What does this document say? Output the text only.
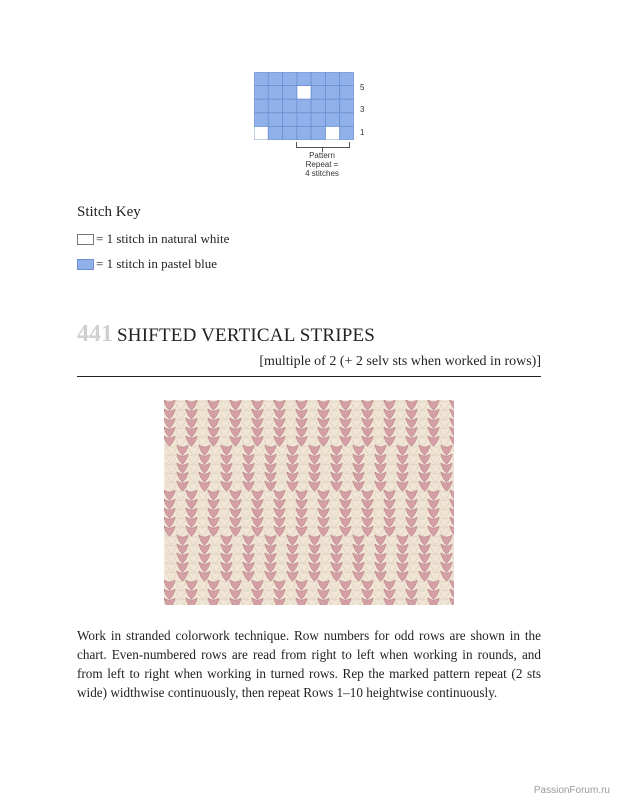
5
3
1
Pattern
Repeat =
4 stitches
Stitch Key
= 1 stitch in natural white
= 1 stitch in pastel blue
441 SHIFTED VERTICAL STRIPES
[multiple of 2 (+ 2 selv sts when worked in rows)]
Work in stranded colorwork technique. Row numbers for odd rows are shown in the chart. Even-numbered rows are read from right to left when working in rounds, and from left to right when working in turned rows. Rep the marked pattern repeat (2 sts wide) widthwise continuously, then repeat Rows 1–10 heightwise continuously.
PassionForum.ru
